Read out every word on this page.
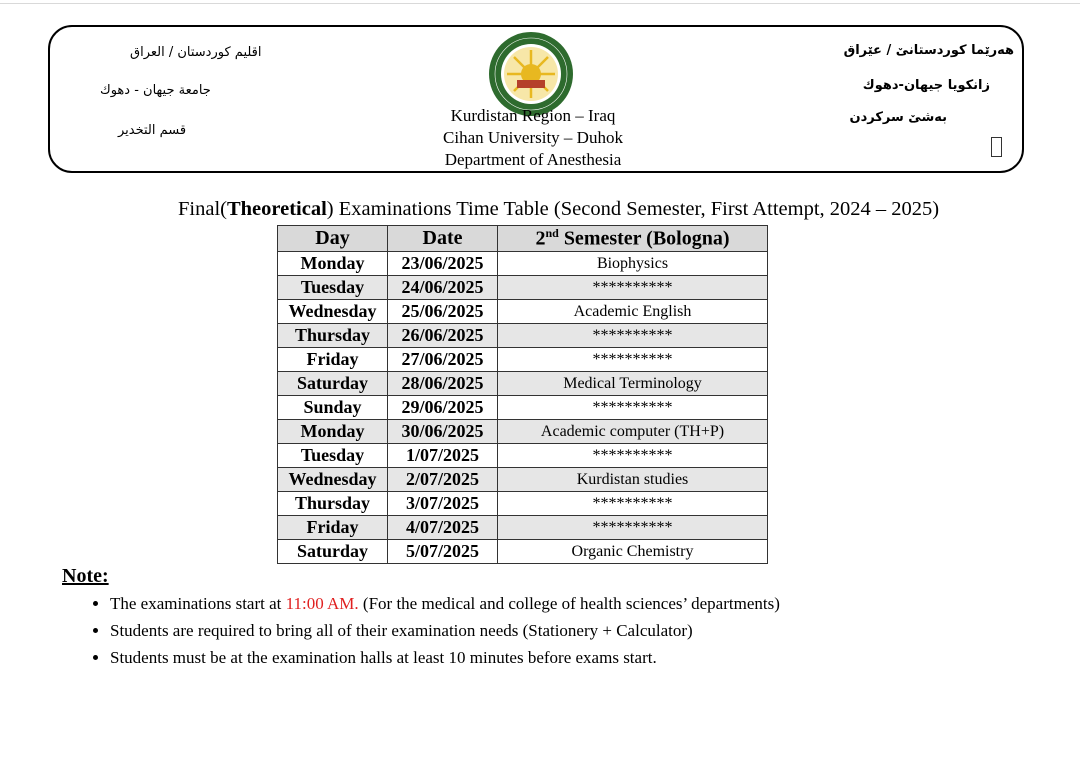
اقليم كوردستان / العراق
جامعة جيهان - دهوك
قسم التخدير
هەرێما كوردستانێ / عێراق
زانكويا جيهان-دهوك
بەشێ سركردن
Kurdistan Region – Iraq
Cihan University – Duhok
Department of Anesthesia
Final(Theoretical) Examinations Time Table (Second Semester, First Attempt, 2024 – 2025)
Day	Date	2nd Semester (Bologna)
Monday	23/06/2025	Biophysics
Tuesday	24/06/2025	**********
Wednesday	25/06/2025	Academic English
Thursday	26/06/2025	**********
Friday	27/06/2025	**********
Saturday	28/06/2025	Medical Terminology
Sunday	29/06/2025	**********
Monday	30/06/2025	Academic computer (TH+P)
Tuesday	1/07/2025	**********
Wednesday	2/07/2025	Kurdistan studies
Thursday	3/07/2025	**********
Friday	4/07/2025	**********
Saturday	5/07/2025	Organic Chemistry
Note:
• The examinations start at 11:00 AM. (For the medical and college of health sciences’ departments)
• Students are required to bring all of their examination needs (Stationery + Calculator)
• Students must be at the examination halls at least 10 minutes before exams start.
